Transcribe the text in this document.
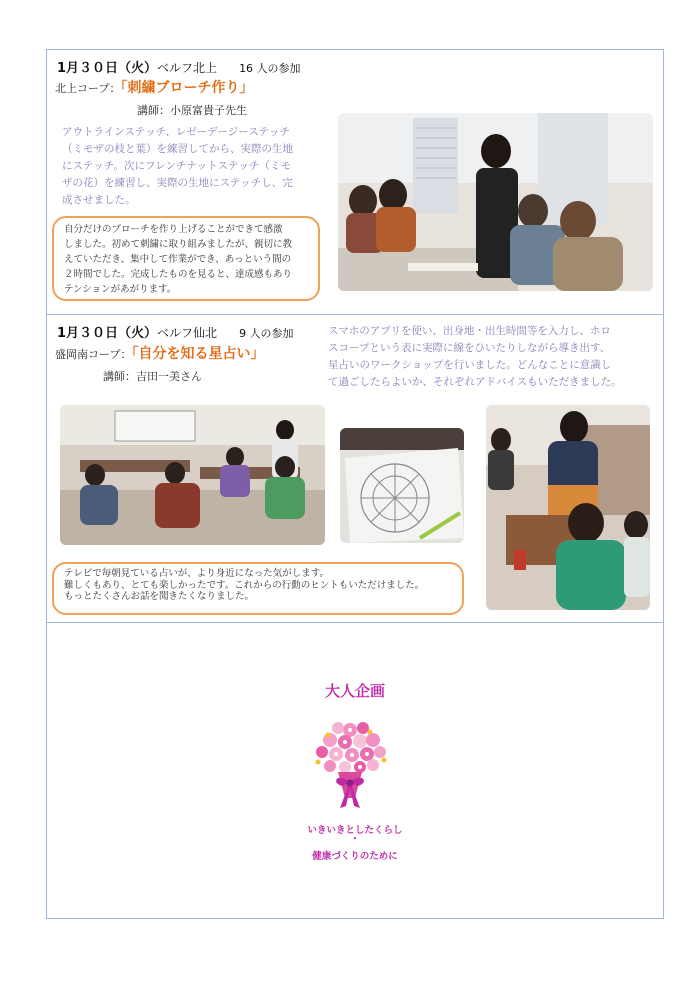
1月３０日（火）ベルフ北上 16 人の参加
北上コープ：「刺繍ブローチ作り」
講師：小原富貴子先生
アウトラインステッチ、レゼーデージーステッチ
（ミモザの枝と葉）を練習してから、実際の生地
にステッチ。次にフレンチナットステッチ（ミモ
ザの花）を練習し、実際の生地にステッチし、完
成させました。
自分だけのブローチを作り上げることができて感激
しました。初めて刺繍に取り組みましたが、親切に教
えていただき、集中して作業ができ、あっという間の
２時間でした。完成したものを見ると、達成感もあり
テンションがあがります。
1月３０日（火）ベルフ仙北 9 人の参加
盛岡南コープ：「自分を知る星占い」
講師：吉田一美さん
スマホのアプリを使い、出身地・出生時間等を入力し、ホロ
スコープという表に実際に線をひいたりしながら導き出す、
星占いのワークショップを行いました。どんなことに意識し
て過ごしたらよいか、それぞれアドバイスもいただきました。
テレビで毎朝見ている占いが、より身近になった気がします。
難しくもあり、とても楽しかったです。これからの行動のヒントもいただけました。
もっとたくさんお話を聞きたくなりました。
大人企画
いきいきとしたくらし
・
健康づくりのために
